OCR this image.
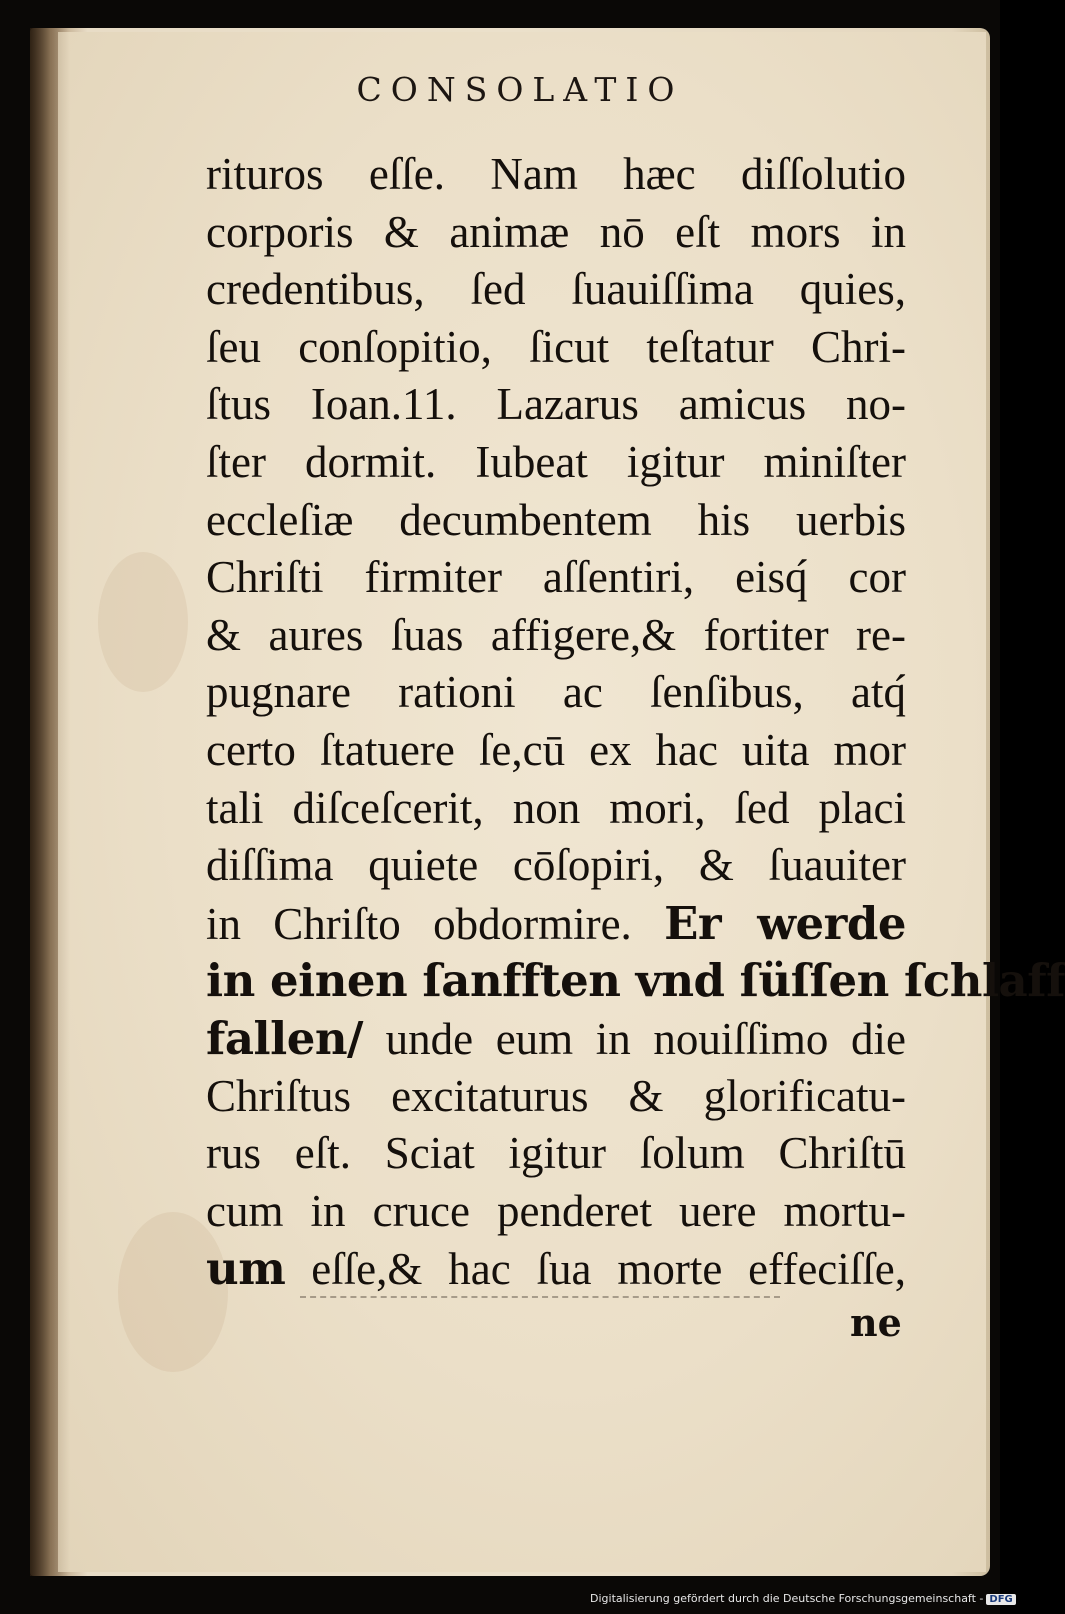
CONSOLATIO
rituros eſſe. Nam hæc diſſolutio
corporis & animæ nō eſt mors in
credentibus, ſed ſuauiſſima quies,
ſeu conſopitio, ſicut teſtatur Chri-
ſtus Ioan.11. Lazarus amicus no-
ſter dormit. Iubeat igitur miniſter
eccleſiæ decumbentem his uerbis
Chriſti firmiter aſſentiri, eisq́ cor
& aures ſuas affigere,& fortiter re-
pugnare rationi ac ſenſibus, atq́
certo ſtatuere ſe,cū ex hac uita mor
tali diſceſcerit, non mori, ſed placi
diſſima quiete cōſopiri, & ſuauiter
in Chriſto obdormire. Er werde
in einen ſanfften vnd ſüſſen ſchlaff
fallen/ unde eum in nouiſſimo die
Chriſtus excitaturus & glorificatu-
rus eſt. Sciat igitur ſolum Chriſtū
cum in cruce penderet uere mortu-
um eſſe,& hac ſua morte effeciſſe,
ne
Digitalisierung gefördert durch die Deutsche Forschungsgemeinschaft - DFG
